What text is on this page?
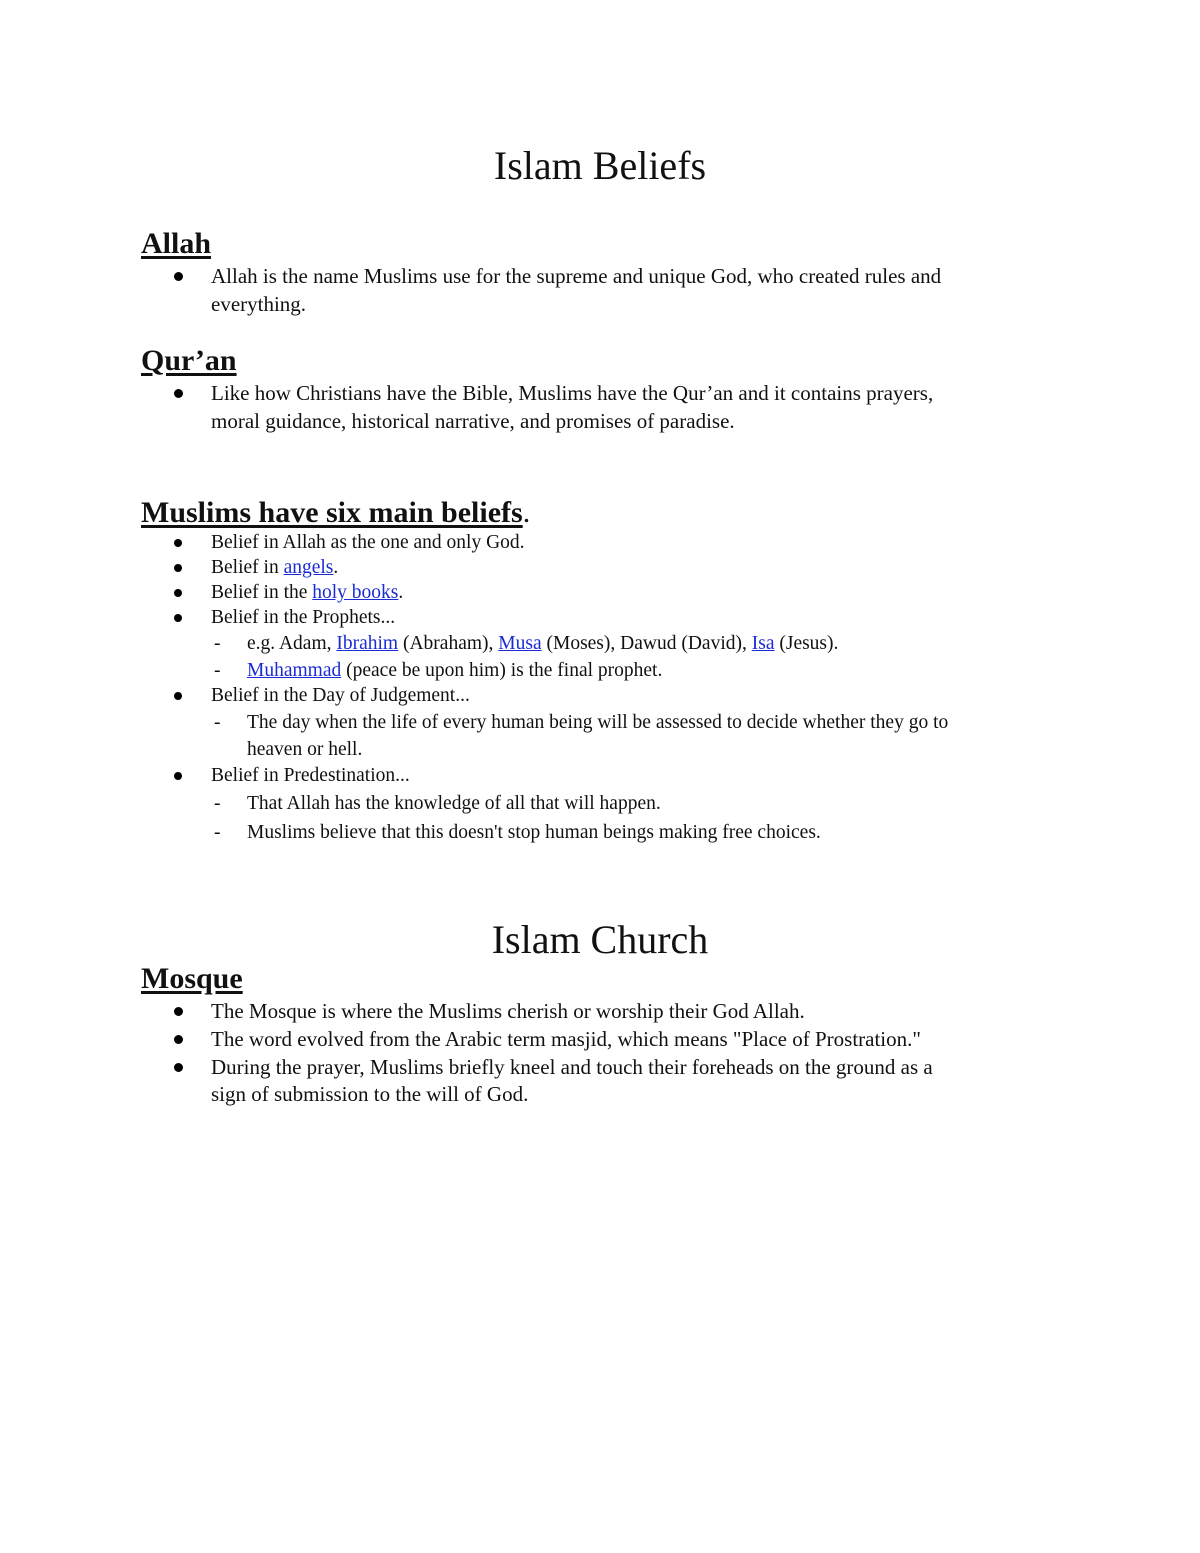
Islam Beliefs
Allah

Allah is the name Muslims use for the supreme and unique God, who created rules and

everything.

Qur’an

Like how Christians have the Bible, Muslims have the Qur’an and it contains prayers,

moral guidance, historical narrative, and promises of paradise.

Muslims have six main beliefs.

Belief in Allah as the one and only God.

Belief in angels.

Belief in the holy books.

Belief in the Prophets...

- e.g. Adam, Ibrahim (Abraham), Musa (Moses), Dawud (David), Isa (Jesus).

- Muhammad (peace be upon him) is the final prophet.

Belief in the Day of Judgement...

- The day when the life of every human being will be assessed to decide whether they go to

heaven or hell.

Belief in Predestination...

- That Allah has the knowledge of all that will happen.

- Muslims believe that this doesn't stop human beings making free choices.

Islam Church
Mosque

The Mosque is where the Muslims cherish or worship their God Allah.

The word evolved from the Arabic term masjid, which means "Place of Prostration."

During the prayer, Muslims briefly kneel and touch their foreheads on the ground as a

sign of submission to the will of God.
